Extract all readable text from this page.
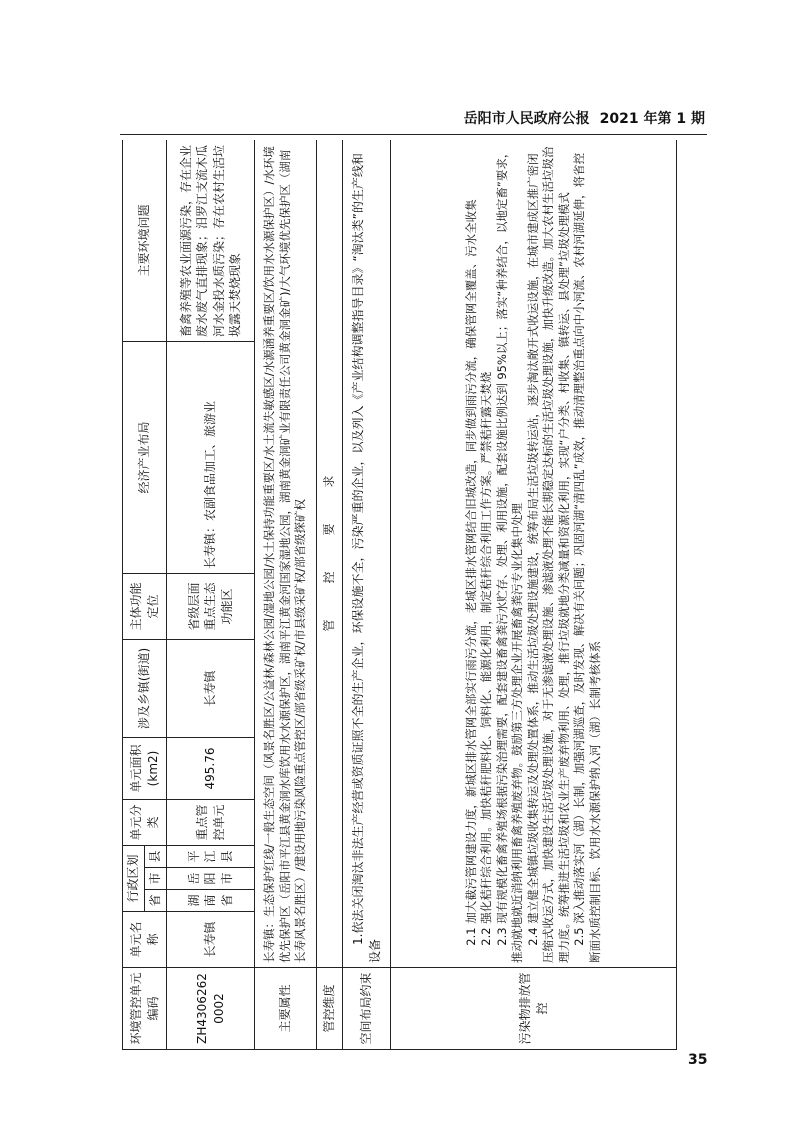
岳阳市人民政府公报 2021 年第 1 期
环境管控单元编码	单元名称	行政区划			单元分类	单元面积(km2)	涉及乡镇(街道)	主体功能定位	经济产业布局	主要环境问题
		省	市	县						
ZH43062620002	长寿镇	湖南省	岳阳市	平江县	重点管控单元	495.76	长寿镇	省级层面重点生态功能区	长寿镇：农副食品加工、旅游业	畜禽养殖等农业面源污染，存在企业废水废气直排现象；汨罗江支流木瓜河水金投水质污染；存在农村生活垃圾露天焚烧现象
主要属性	长寿镇：生态保护红线/一般生态空间（风景名胜区/公益林/森林公园/湿地公园/水土保持功能重要区/水土流失敏感区/水源涵养重要区/饮用水水源保护区）/水环境优先保护区（岳阳市平江县黄金洞水库饮用水水源保护区，湖南平江黄金河国家湿地公园，湖南黄金洞矿业有限责任公司黄金洞金矿)/大气环境优先保护区（湖南长寿风景名胜区）/建设用地污染风险重点管控区/部省级采矿权/市县级采矿权/部省级探矿权									
管控维度	管　　　控　　　要　　　求									
空间布局约束	1.依法关闭淘汰非法生产经营或资质证照不全的生产企业，环保设施不全，污染严重的企业，以及列入《产业结构调整指导目录》“淘汰类”的生产线和设备									

污染物排放管控	2.1 加大截污管网建设力度，新城区排水管网全部实行雨污分流，老城区排水管网结合旧城改造，同步做到雨污分流，确保管网全覆盖、污水全收集 2.2 强化秸秆综合利用。加快秸秆肥料化、饲料化、能源化利用，制定秸秆综合利用工作方案。严禁秸秆露天焚烧 2.3 现有规模化畜禽养殖场根据污染治理需要，配套建设畜禽粪污水贮存、处理、利用设施，配套设施比例达到 95%以上；落实“种养结合，以地定畜”要求，推动就地就近消纳利用畜禽养殖废弃物。鼓励第三方处理企业开展畜禽粪污专业化集中处理 2.4 建立健全城镇垃圾收集转运及处理处置体系，推动生活垃圾处理设施建设，统筹布局生活垃圾转运站，逐步淘汰敞开式收运设施，在城市建成区推广密闭压缩式收运方式，加快建设生活垃圾处理设施，对于无渗滤液处理设施、渗滤液处理不能长期稳定达标的生活垃圾处理设施，加快升级改造。加大农村生活垃圾治理力度。统筹推进生活垃圾和农业生产废弃物利用、处理，推行垃圾就地分类减量和资源化利用，实现“户分类、村收集、镇转运、县处理”垃圾处理模式 2.5 深入推动落实河（湖）长制，加强河湖巡查，及时发现、解决有关问题；巩固河湖“清四乱”成效，推动清理整治重点向中小河流、农村河湖延伸，将省控断面水质控制目标、饮用水水源保护纳入河（湖）长制考核体系									

35
